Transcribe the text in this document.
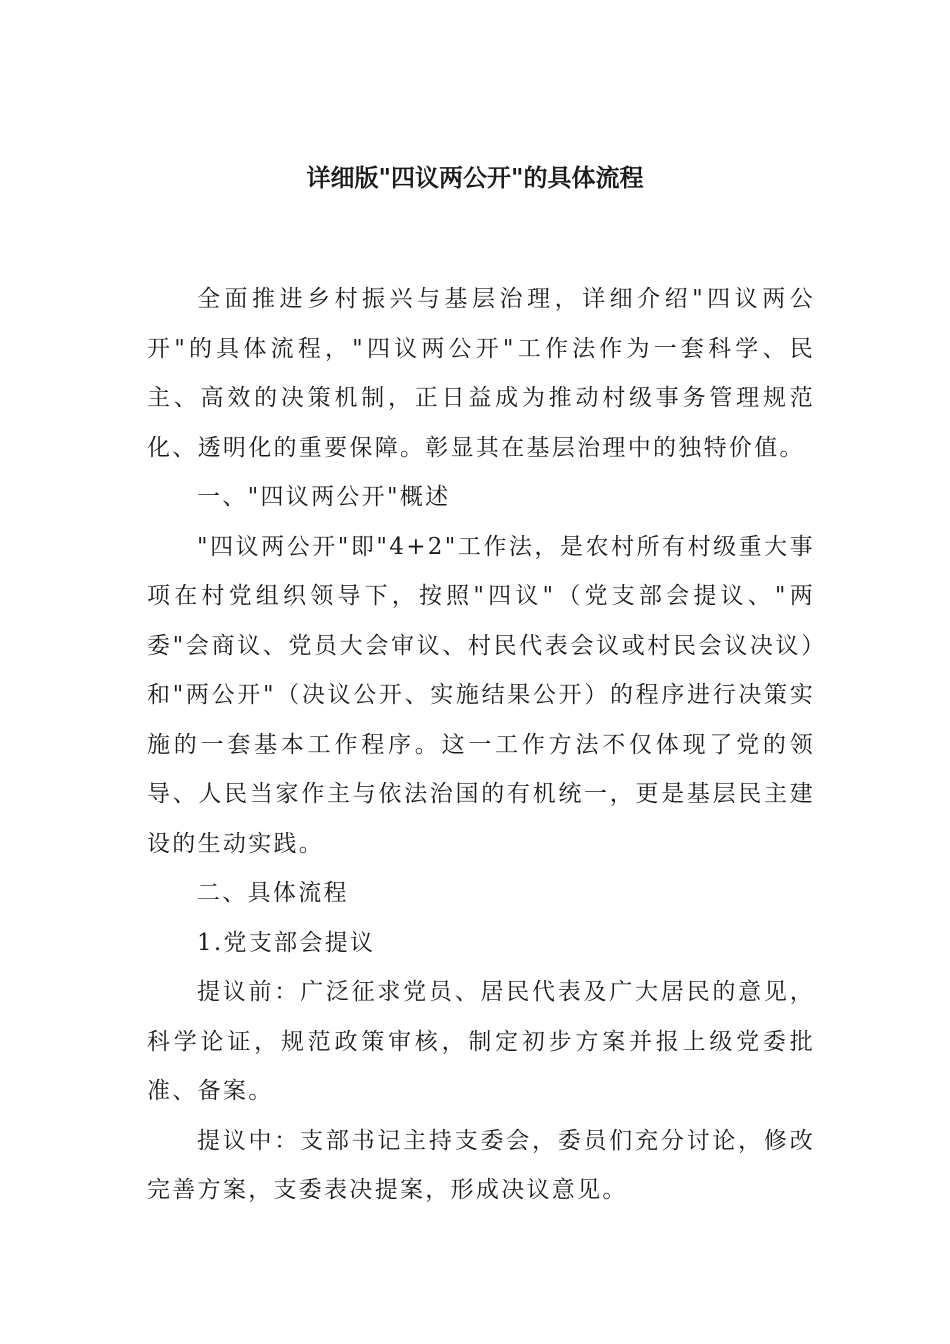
详细版"四议两公开"的具体流程

全面推进乡村振兴与基层治理，详细介绍"四议两公开"的具体流程，"四议两公开"工作法作为一套科学、民主、高效的决策机制，正日益成为推动村级事务管理规范化、透明化的重要保障。彰显其在基层治理中的独特价值。

一、"四议两公开"概述

"四议两公开"即"4+2"工作法，是农村所有村级重大事项在村党组织领导下，按照"四议"（党支部会提议、"两委"会商议、党员大会审议、村民代表会议或村民会议决议）和"两公开"（决议公开、实施结果公开）的程序进行决策实施的一套基本工作程序。这一工作方法不仅体现了党的领导、人民当家作主与依法治国的有机统一，更是基层民主建设的生动实践。

二、具体流程

1.党支部会提议

提议前：广泛征求党员、居民代表及广大居民的意见，科学论证，规范政策审核，制定初步方案并报上级党委批准、备案。

提议中：支部书记主持支委会，委员们充分讨论，修改完善方案，支委表决提案，形成决议意见。
